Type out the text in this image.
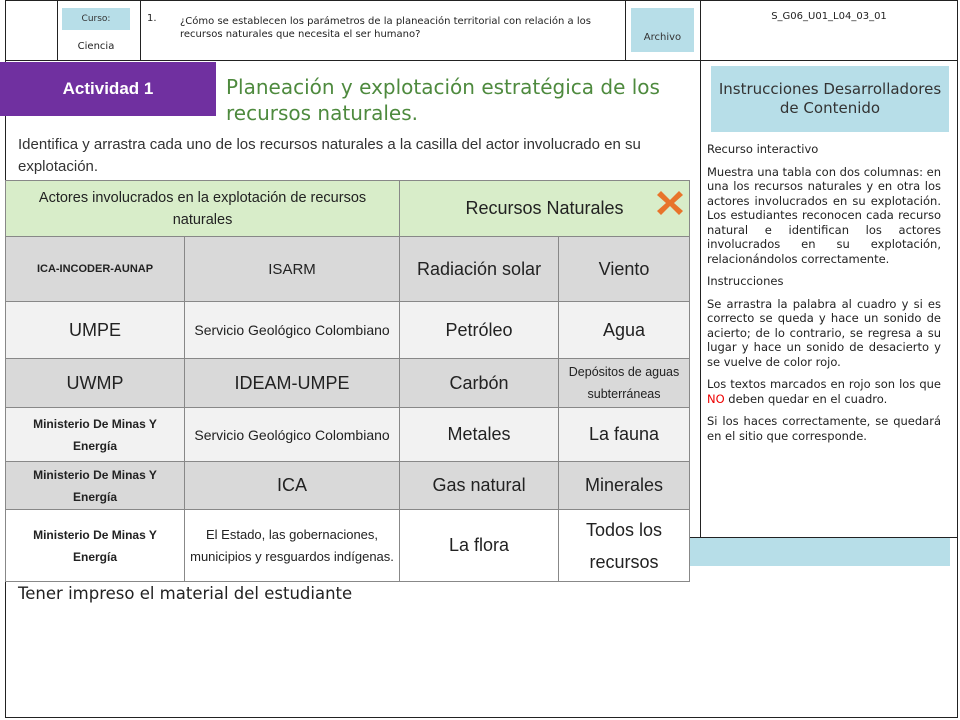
Curso:
Ciencia
1. ¿Cómo se establecen los parámetros de la planeación territorial con relación a los recursos naturales que necesita el ser humano?	Archivo
S_G06_U01_L04_03_01
Actividad 1	Planeación y explotación estratégica de los recursos naturales.
Identifica y arrastra cada uno de los recursos naturales a la casilla del actor involucrado en su explotación.
Actores involucrados en la explotación de recursos naturales		Recursos Naturales	
ICA-INCODER-AUNAP	ISARM	Radiación solar	Viento
UMPE	Servicio Geológico Colombiano	Petróleo	Agua
UWMP	IDEAM-UMPE	Carbón	Depósitos de aguas subterráneas
Ministerio De Minas Y Energía	Servicio Geológico Colombiano	Metales	La fauna
Ministerio De Minas Y Energía	ICA	Gas natural	Minerales
Ministerio De Minas Y Energía	El Estado, las gobernaciones, municipios y resguardos indígenas.	La flora	Todos los recursos
Instrucciones Desarrolladores de Contenido

Recurso interactivo

Muestra una tabla con dos columnas: en una los recursos naturales y en otra los actores involucrados en su explotación. Los estudiantes reconocen cada recurso natural e identifican los actores involucrados en su explotación, relacionándolos correctamente.

Instrucciones

Se arrastra la palabra al cuadro y si es correcto se queda y hace un sonido de acierto; de lo contrario, se regresa a su lugar y hace un sonido de desacierto y se vuelve de color rojo.

Los textos marcados en rojo son los que NO deben quedar en el cuadro.

Si los haces correctamente, se quedará en el sitio que corresponde.

Tener impreso el material del estudiante
